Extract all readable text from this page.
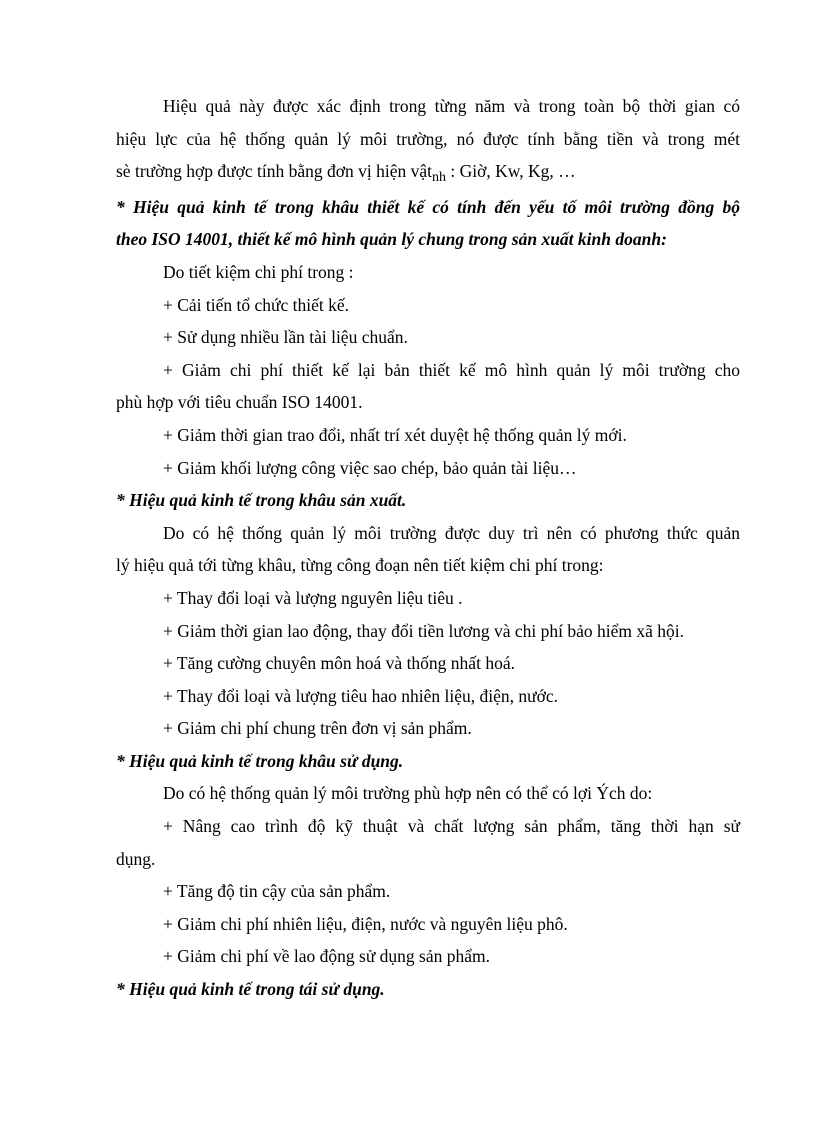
Hiệu quả này được xác định trong từng năm và trong toàn bộ thời gian có

hiệu lực của hệ thống quản lý môi trường, nó được tính bằng tiền và trong mét

sè trường hợp được tính bằng đơn vị hiện vật$_{nh}$ : Giờ, Kw, Kg, …

* Hiệu quả kinh tế trong khâu thiết kế có tính đến yếu tố môi trường đồng bộ

theo ISO 14001, thiết kế mô hình quản lý chung trong sản xuất kinh doanh:

Do tiết kiệm chi phí trong :

+ Cải tiến tổ chức thiết kế.

+ Sử dụng nhiều lần tài liệu chuẩn.

+ Giảm chi phí thiết kế lại bản thiết kế mô hình quản lý môi trường cho

phù hợp với tiêu chuẩn ISO 14001.

+ Giảm thời gian trao đổi, nhất trí xét duyệt hệ thống quản lý mới.

+ Giảm khối lượng công việc sao chép, bảo quản tài liệu…

* Hiệu quả kinh tế trong khâu sản xuất.

Do có hệ thống quản lý môi trường được duy trì nên có phương thức quản

lý hiệu quả tới từng khâu, từng công đoạn nên tiết kiệm chi phí trong:

+ Thay đổi loại và lượng nguyên liệu tiêu .

+ Giảm thời gian lao động, thay đổi tiền lương và chi phí bảo hiểm xã hội.

+ Tăng cường chuyên môn hoá và thống nhất hoá.

+ Thay đổi loại và lượng tiêu hao nhiên liệu, điện, nước.

+ Giảm chi phí chung trên đơn vị sản phẩm.

* Hiệu quả kinh tế trong khâu sử dụng.

Do có hệ thống quản lý môi trường phù hợp nên có thể có lợi Ých do:

+ Nâng cao trình độ kỹ thuật và chất lượng sản phẩm, tăng thời hạn sử

dụng.

+ Tăng độ tin cậy của sản phẩm.

+ Giảm chi phí nhiên liệu, điện, nước và nguyên liệu phô.

+ Giảm chi phí về lao động sử dụng sản phẩm.

* Hiệu quả kinh tế trong tái sử dụng.
